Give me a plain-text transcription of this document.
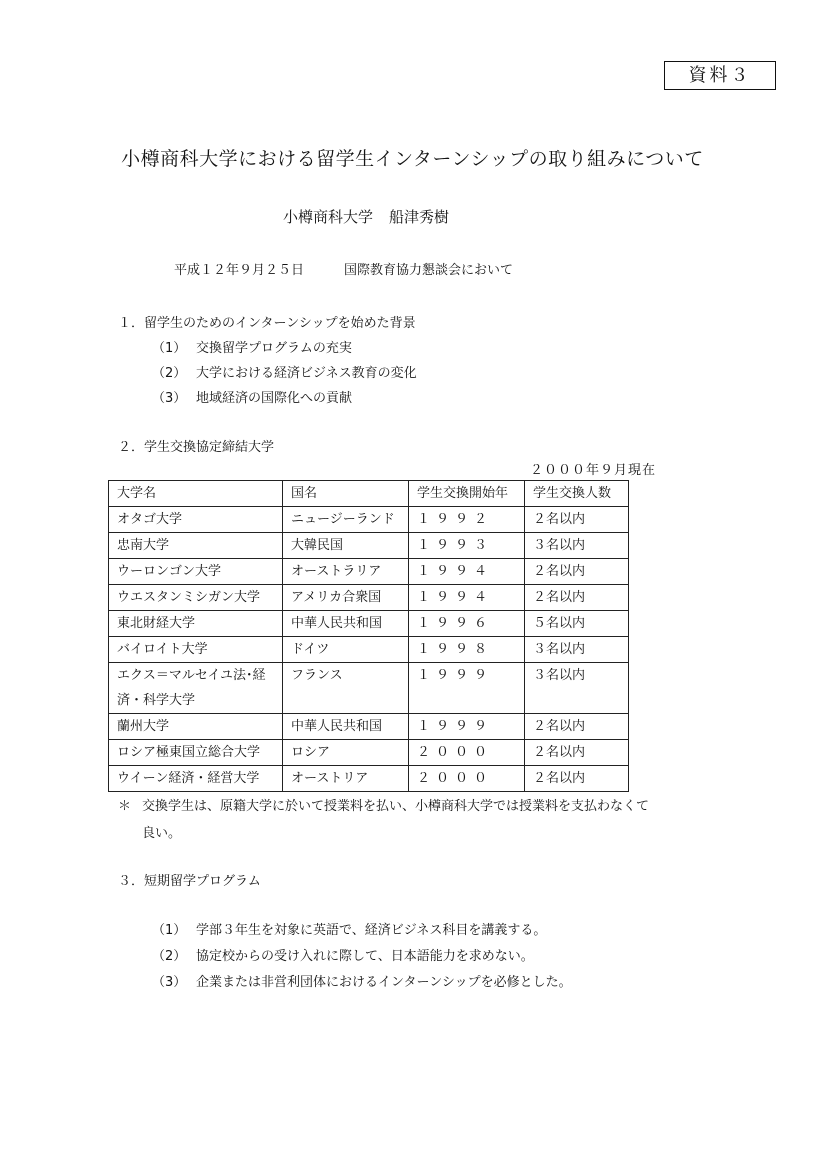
資料３
小樽商科大学における留学生インターンシップの取り組みについて
小樽商科大学 船津秀樹
平成１２年９月２５日	国際教育協力懇談会において
１．留学生のためのインターンシップを始めた背景
（1） 交換留学プログラムの充実
（2） 大学における経済ビジネス教育の変化
（3） 地域経済の国際化への貢献
２．学生交換協定締結大学
２０００年９月現在
大学名	国名	学生交換開始年	学生交換人数
オタゴ大学	ニュージーランド	１９９２	２名以内
忠南大学	大韓民国	１９９３	３名以内
ウーロンゴン大学	オーストラリア	１９９４	２名以内
ウエスタンミシガン大学	アメリカ合衆国	１９９４	２名以内
東北財経大学	中華人民共和国	１９９６	５名以内
バイロイト大学	ドイツ	１９９８	３名以内
エクス＝マルセイユ法･経済・科学大学	フランス	１９９９	３名以内
蘭州大学	中華人民共和国	１９９９	２名以内
ロシア極東国立総合大学	ロシア	２０００	２名以内
ウイーン経済・経営大学	オーストリア	２０００	２名以内
＊ 交換学生は、原籍大学に於いて授業料を払い、小樽商科大学では授業料を支払わなくて
良い。
３．短期留学プログラム
（1） 学部３年生を対象に英語で、経済ビジネス科目を講義する。
（2） 協定校からの受け入れに際して、日本語能力を求めない。
（3） 企業または非営利団体におけるインターンシップを必修とした。
